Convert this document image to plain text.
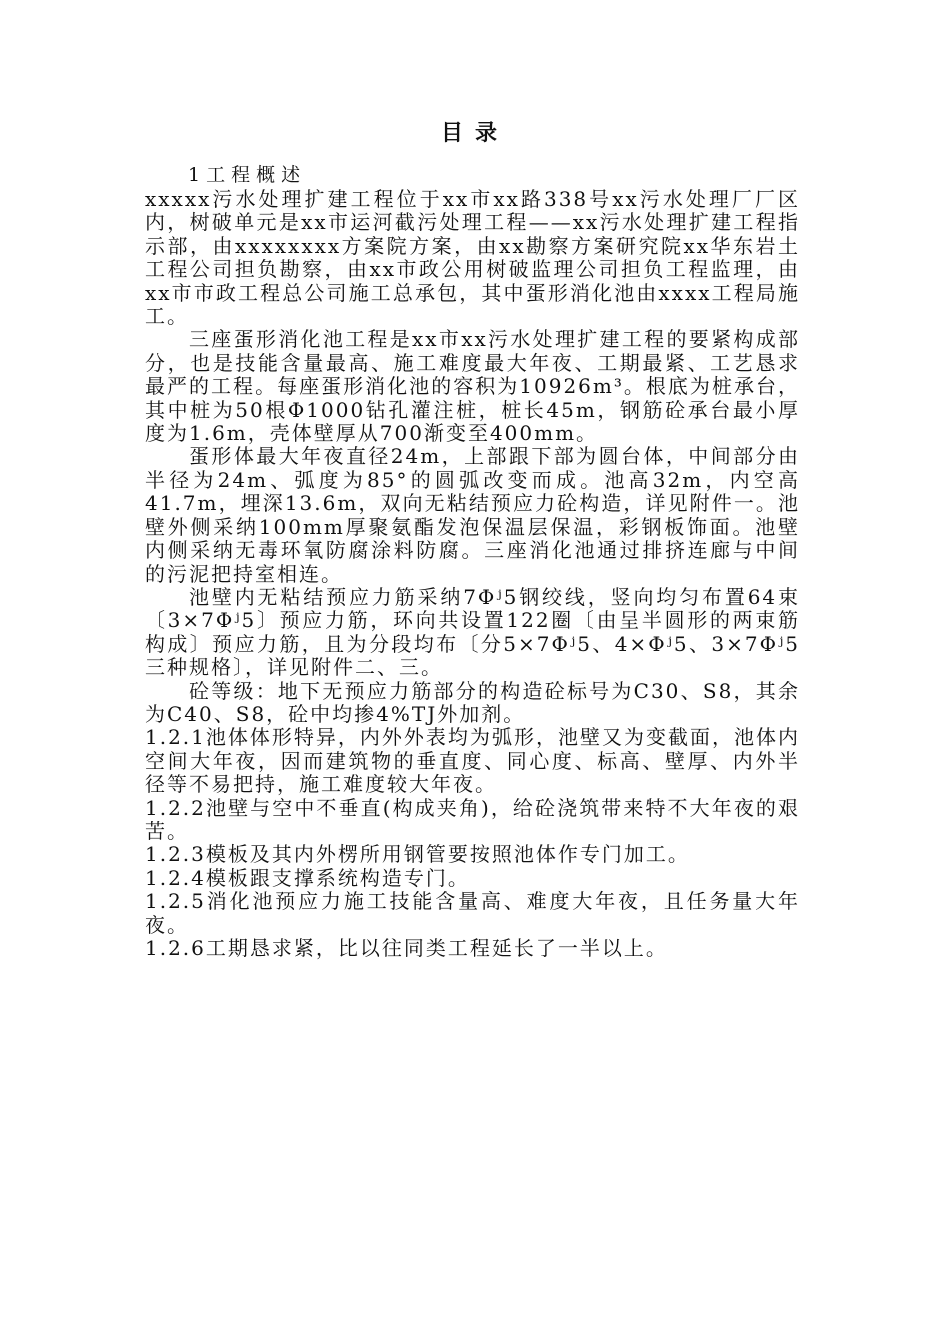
目录
1工程概述

xxxxx污水处理扩建工程位于xx市xx路338号xx污水处理厂厂区内，树破单元是xx市运河截污处理工程——xx污水处理扩建工程指示部，由xxxxxxxx方案院方案，由xx勘察方案研究院xx华东岩土工程公司担负勘察，由xx市政公用树破监理公司担负工程监理，由xx市市政工程总公司施工总承包，其中蛋形消化池由xxxx工程局施工。

三座蛋形消化池工程是xx市xx污水处理扩建工程的要紧构成部分，也是技能含量最高、施工难度最大年夜、工期最紧、工艺恳求最严的工程。每座蛋形消化池的容积为10926m³。根底为桩承台，其中桩为50根Φ1000钻孔灌注桩，桩长45m，钢筋砼承台最小厚度为1.6m，壳体壁厚从700渐变至400mm。

蛋形体最大年夜直径24m，上部跟下部为圆台体，中间部分由半径为24m、弧度为85°的圆弧改变而成。池高32m，内空高41.7m，埋深13.6m，双向无粘结预应力砼构造，详见附件一。池壁外侧采纳100mm厚聚氨酯发泡保温层保温，彩钢板饰面。池壁内侧采纳无毒环氧防腐涂料防腐。三座消化池通过排挤连廊与中间的污泥把持室相连。

池壁内无粘结预应力筋采纳7Φʲ5钢绞线，竖向均匀布置64束〔3×7Φʲ5〕预应力筋，环向共设置122圈〔由呈半圆形的两束筋构成〕预应力筋，且为分段均布〔分5×7Φʲ5、4×Φʲ5、3×7Φʲ5三种规格〕，详见附件二、三。

砼等级：地下无预应力筋部分的构造砼标号为C30、S8，其余为C40、S8，砼中均掺4%TJ外加剂。

1.2.1池体体形特异，内外外表均为弧形，池壁又为变截面，池体内空间大年夜，因而建筑物的垂直度、同心度、标高、壁厚、内外半径等不易把持，施工难度较大年夜。

1.2.2池壁与空中不垂直(构成夹角)，给砼浇筑带来特不大年夜的艰苦。

1.2.3模板及其内外楞所用钢管要按照池体作专门加工。

1.2.4模板跟支撑系统构造专门。

1.2.5消化池预应力施工技能含量高、难度大年夜，且任务量大年夜。

1.2.6工期恳求紧，比以往同类工程延长了一半以上。
